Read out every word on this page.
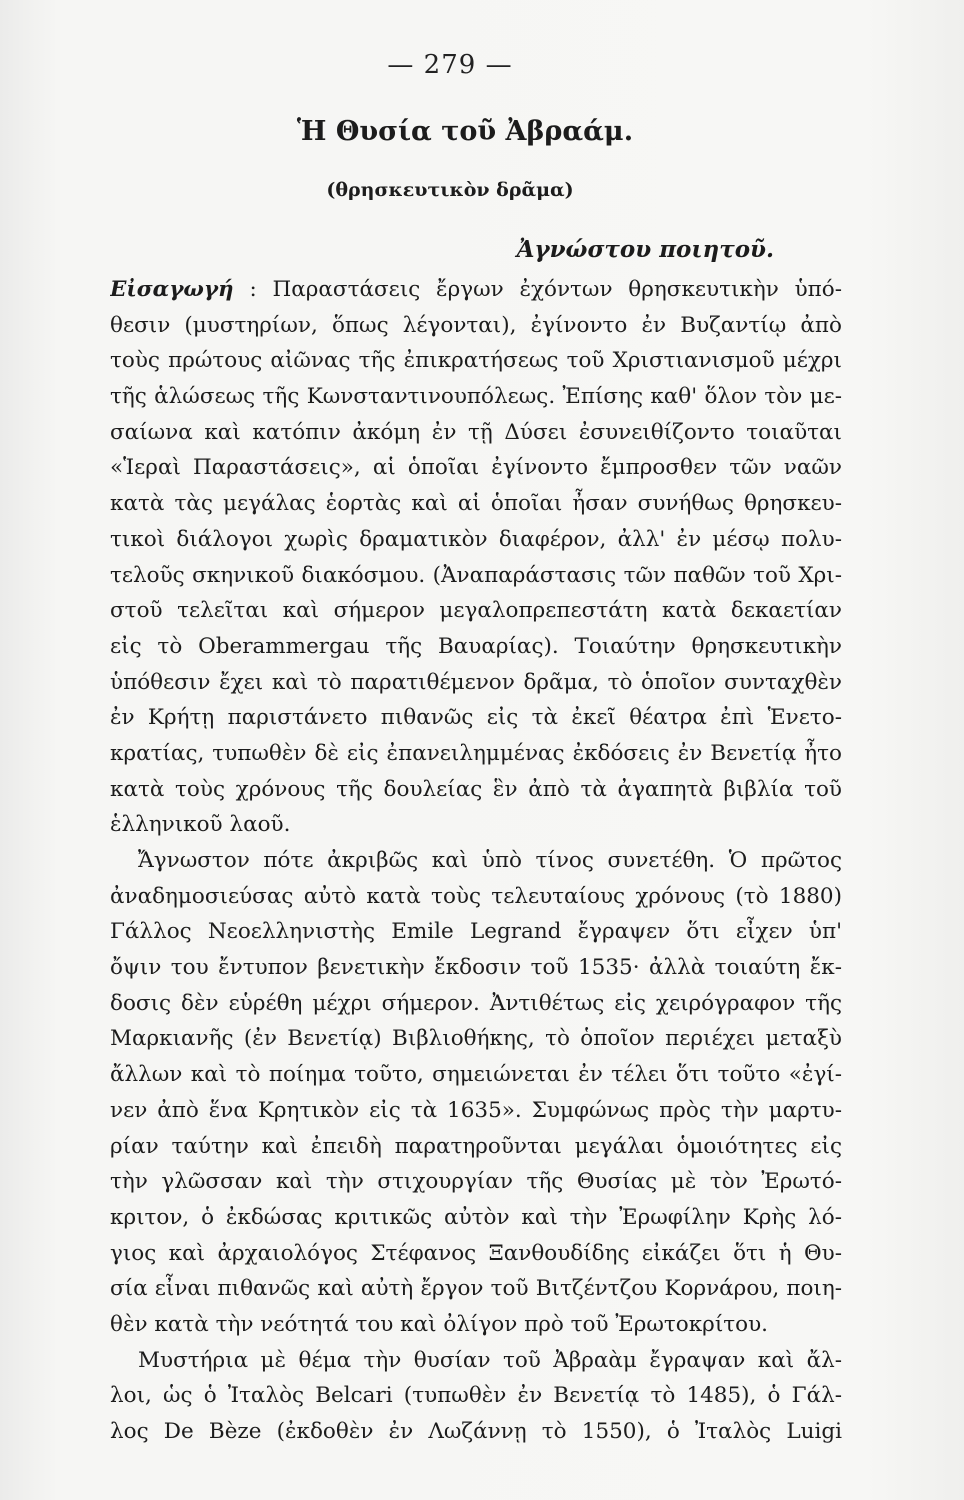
— 279 —
Ἡ Θυσία τοῦ Ἀβραάμ.
(θρησκευτικὸν δρᾶμα)
Ἀγνώστου ποιητοῦ.
Εἰσαγωγή : Παραστάσεις ἔργων ἐχόντων θρησκευτικὴν ὑπό-
θεσιν (μυστηρίων, ὅπως λέγονται), ἐγίνοντο ἐν Βυζαντίῳ ἀπὸ
τοὺς πρώτους αἰῶνας τῆς ἐπικρατήσεως τοῦ Χριστιανισμοῦ μέχρι
τῆς ἁλώσεως τῆς Κωνσταντινουπόλεως. Ἐπίσης καθ' ὅλον τὸν με-
σαίωνα καὶ κατόπιν ἀκόμη ἐν τῇ Δύσει ἐσυνειθίζοντο τοιαῦται
«Ἱεραὶ Παραστάσεις», αἱ ὁποῖαι ἐγίνοντο ἔμπροσθεν τῶν ναῶν
κατὰ τὰς μεγάλας ἑορτὰς καὶ αἱ ὁποῖαι ἦσαν συνήθως θρησκευ-
τικοὶ διάλογοι χωρὶς δραματικὸν διαφέρον, ἀλλ' ἐν μέσῳ πολυ-
τελοῦς σκηνικοῦ διακόσμου. (Ἀναπαράστασις τῶν παθῶν τοῦ Χρι-
στοῦ τελεῖται καὶ σήμερον μεγαλοπρεπεστάτη κατὰ δεκαετίαν
εἰς τὸ Oberammergau τῆς Βαυαρίας). Τοιαύτην θρησκευτικὴν
ὑπόθεσιν ἔχει καὶ τὸ παρατιθέμενον δρᾶμα, τὸ ὁποῖον συνταχθὲν
ἐν Κρήτῃ παριστάνετο πιθανῶς εἰς τὰ ἐκεῖ θέατρα ἐπὶ Ἑνετο-
κρατίας, τυπωθὲν δὲ εἰς ἐπανειλημμένας ἐκδόσεις ἐν Βενετίᾳ ἦτο
κατὰ τοὺς χρόνους τῆς δουλείας ἓν ἀπὸ τὰ ἀγαπητὰ βιβλία τοῦ
ἑλληνικοῦ λαοῦ.
Ἄγνωστον πότε ἀκριβῶς καὶ ὑπὸ τίνος συνετέθη. Ὁ πρῶτος
ἀναδημοσιεύσας αὐτὸ κατὰ τοὺς τελευταίους χρόνους (τὸ 1880)
Γάλλος Νεοελληνιστὴς Emile Legrand ἔγραψεν ὅτι εἶχεν ὑπ'
ὄψιν του ἔντυπον βενετικὴν ἔκδοσιν τοῦ 1535· ἀλλὰ τοιαύτη ἔκ-
δοσις δὲν εὑρέθη μέχρι σήμερον. Ἀντιθέτως εἰς χειρόγραφον τῆς
Μαρκιανῆς (ἐν Βενετίᾳ) Βιβλιοθήκης, τὸ ὁποῖον περιέχει μεταξὺ
ἄλλων καὶ τὸ ποίημα τοῦτο, σημειώνεται ἐν τέλει ὅτι τοῦτο «ἐγί-
νεν ἀπὸ ἕνα Κρητικὸν εἰς τὰ 1635». Συμφώνως πρὸς τὴν μαρτυ-
ρίαν ταύτην καὶ ἐπειδὴ παρατηροῦνται μεγάλαι ὁμοιότητες εἰς
τὴν γλῶσσαν καὶ τὴν στιχουργίαν τῆς Θυσίας μὲ τὸν Ἐρωτό-
κριτον, ὁ ἐκδώσας κριτικῶς αὐτὸν καὶ τὴν Ἐρωφίλην Κρὴς λό-
γιος καὶ ἀρχαιολόγος Στέφανος Ξανθουδίδης εἰκάζει ὅτι ἡ Θυ-
σία εἶναι πιθανῶς καὶ αὐτὴ ἔργον τοῦ Βιτζέντζου Κορνάρου, ποιη-
θὲν κατὰ τὴν νεότητά του καὶ ὀλίγον πρὸ τοῦ Ἐρωτοκρίτου.
Μυστήρια μὲ θέμα τὴν θυσίαν τοῦ Ἀβραὰμ ἔγραψαν καὶ ἄλ-
λοι, ὡς ὁ Ἰταλὸς Belcari (τυπωθὲν ἐν Βενετίᾳ τὸ 1485), ὁ Γάλ-
λος De Bèze (ἐκδοθὲν ἐν Λωζάννῃ τὸ 1550), ὁ Ἰταλὸς Luigi
